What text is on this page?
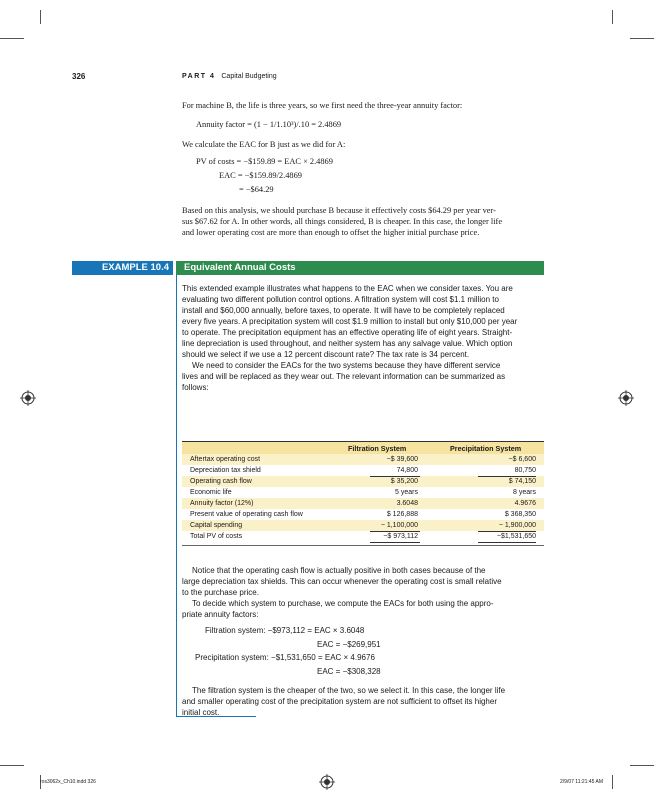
326	PART 4 Capital Budgeting
For machine B, the life is three years, so we first need the three-year annuity factor:
Annuity factor = (1 − 1/1.10³)/.10 = 2.4869
We calculate the EAC for B just as we did for A:
PV of costs = −$159.89 = EAC × 2.4869
EAC = −$159.89/2.4869
= −$64.29
Based on this analysis, we should purchase B because it effectively costs $64.29 per year ver-
sus $67.62 for A. In other words, all things considered, B is cheaper. In this case, the longer life
and lower operating cost are more than enough to offset the higher initial purchase price.
EXAMPLE 10.4	Equivalent Annual Costs
This extended example illustrates what happens to the EAC when we consider taxes. You are
evaluating two different pollution control options. A filtration system will cost $1.1 million to
install and $60,000 annually, before taxes, to operate. It will have to be completely replaced
every five years. A precipitation system will cost $1.9 million to install but only $10,000 per year
to operate. The precipitation equipment has an effective operating life of eight years. Straight-
line depreciation is used throughout, and neither system has any salvage value. Which option
should we select if we use a 12 percent discount rate? The tax rate is 34 percent.
We need to consider the EACs for the two systems because they have different service
lives and will be replaced as they wear out. The relevant information can be summarized as
follows:
Filtration System	Precipitation System
Aftertax operating cost	−$ 39,600	−$ 6,600
Depreciation tax shield	74,800	80,750
Operating cash flow	$ 35,200	$ 74,150
Economic life	5 years	8 years
Annuity factor (12%)	3.6048	4.9676
Present value of operating cash flow	$ 126,888	$ 368,350
Capital spending	− 1,100,000	− 1,900,000
Total PV of costs	−$ 973,112	−$1,531,650
Notice that the operating cash flow is actually positive in both cases because of the
large depreciation tax shields. This can occur whenever the operating cost is small relative
to the purchase price.
To decide which system to purchase, we compute the EACs for both using the appro-
priate annuity factors:
Filtration system: −$973,112 = EAC × 3.6048
EAC = −$269,951
Precipitation system: −$1,531,650 = EAC × 4.9676
EAC = −$308,328
The filtration system is the cheaper of the two, so we select it. In this case, the longer life
and smaller operating cost of the precipitation system are not sufficient to offset its higher
initial cost.
ros3062x_Ch10.indd 326	2/9/07 11:21:45 AM
